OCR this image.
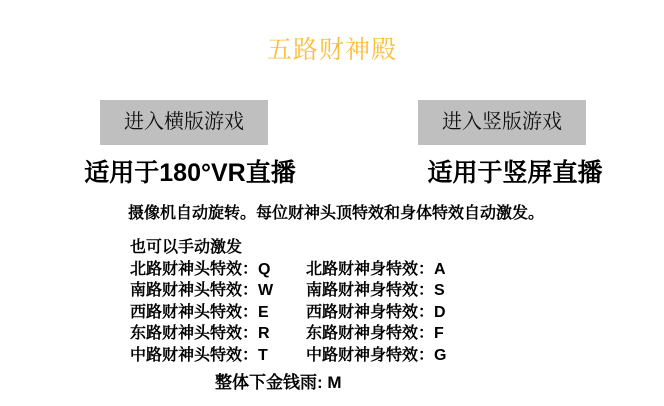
五路财神殿
进入横版游戏	进入竖版游戏
适用于180°VR直播	适用于竖屏直播
摄像机自动旋转。每位财神头顶特效和身体特效自动激发。
也可以手动激发
北路财神头特效：Q 北路财神身特效：A
南路财神头特效：W 南路财神身特效：S
西路财神头特效：E 西路财神身特效：D
东路财神头特效：R 东路财神身特效：F
中路财神头特效：T 中路财神身特效：G
整体下金钱雨: M
